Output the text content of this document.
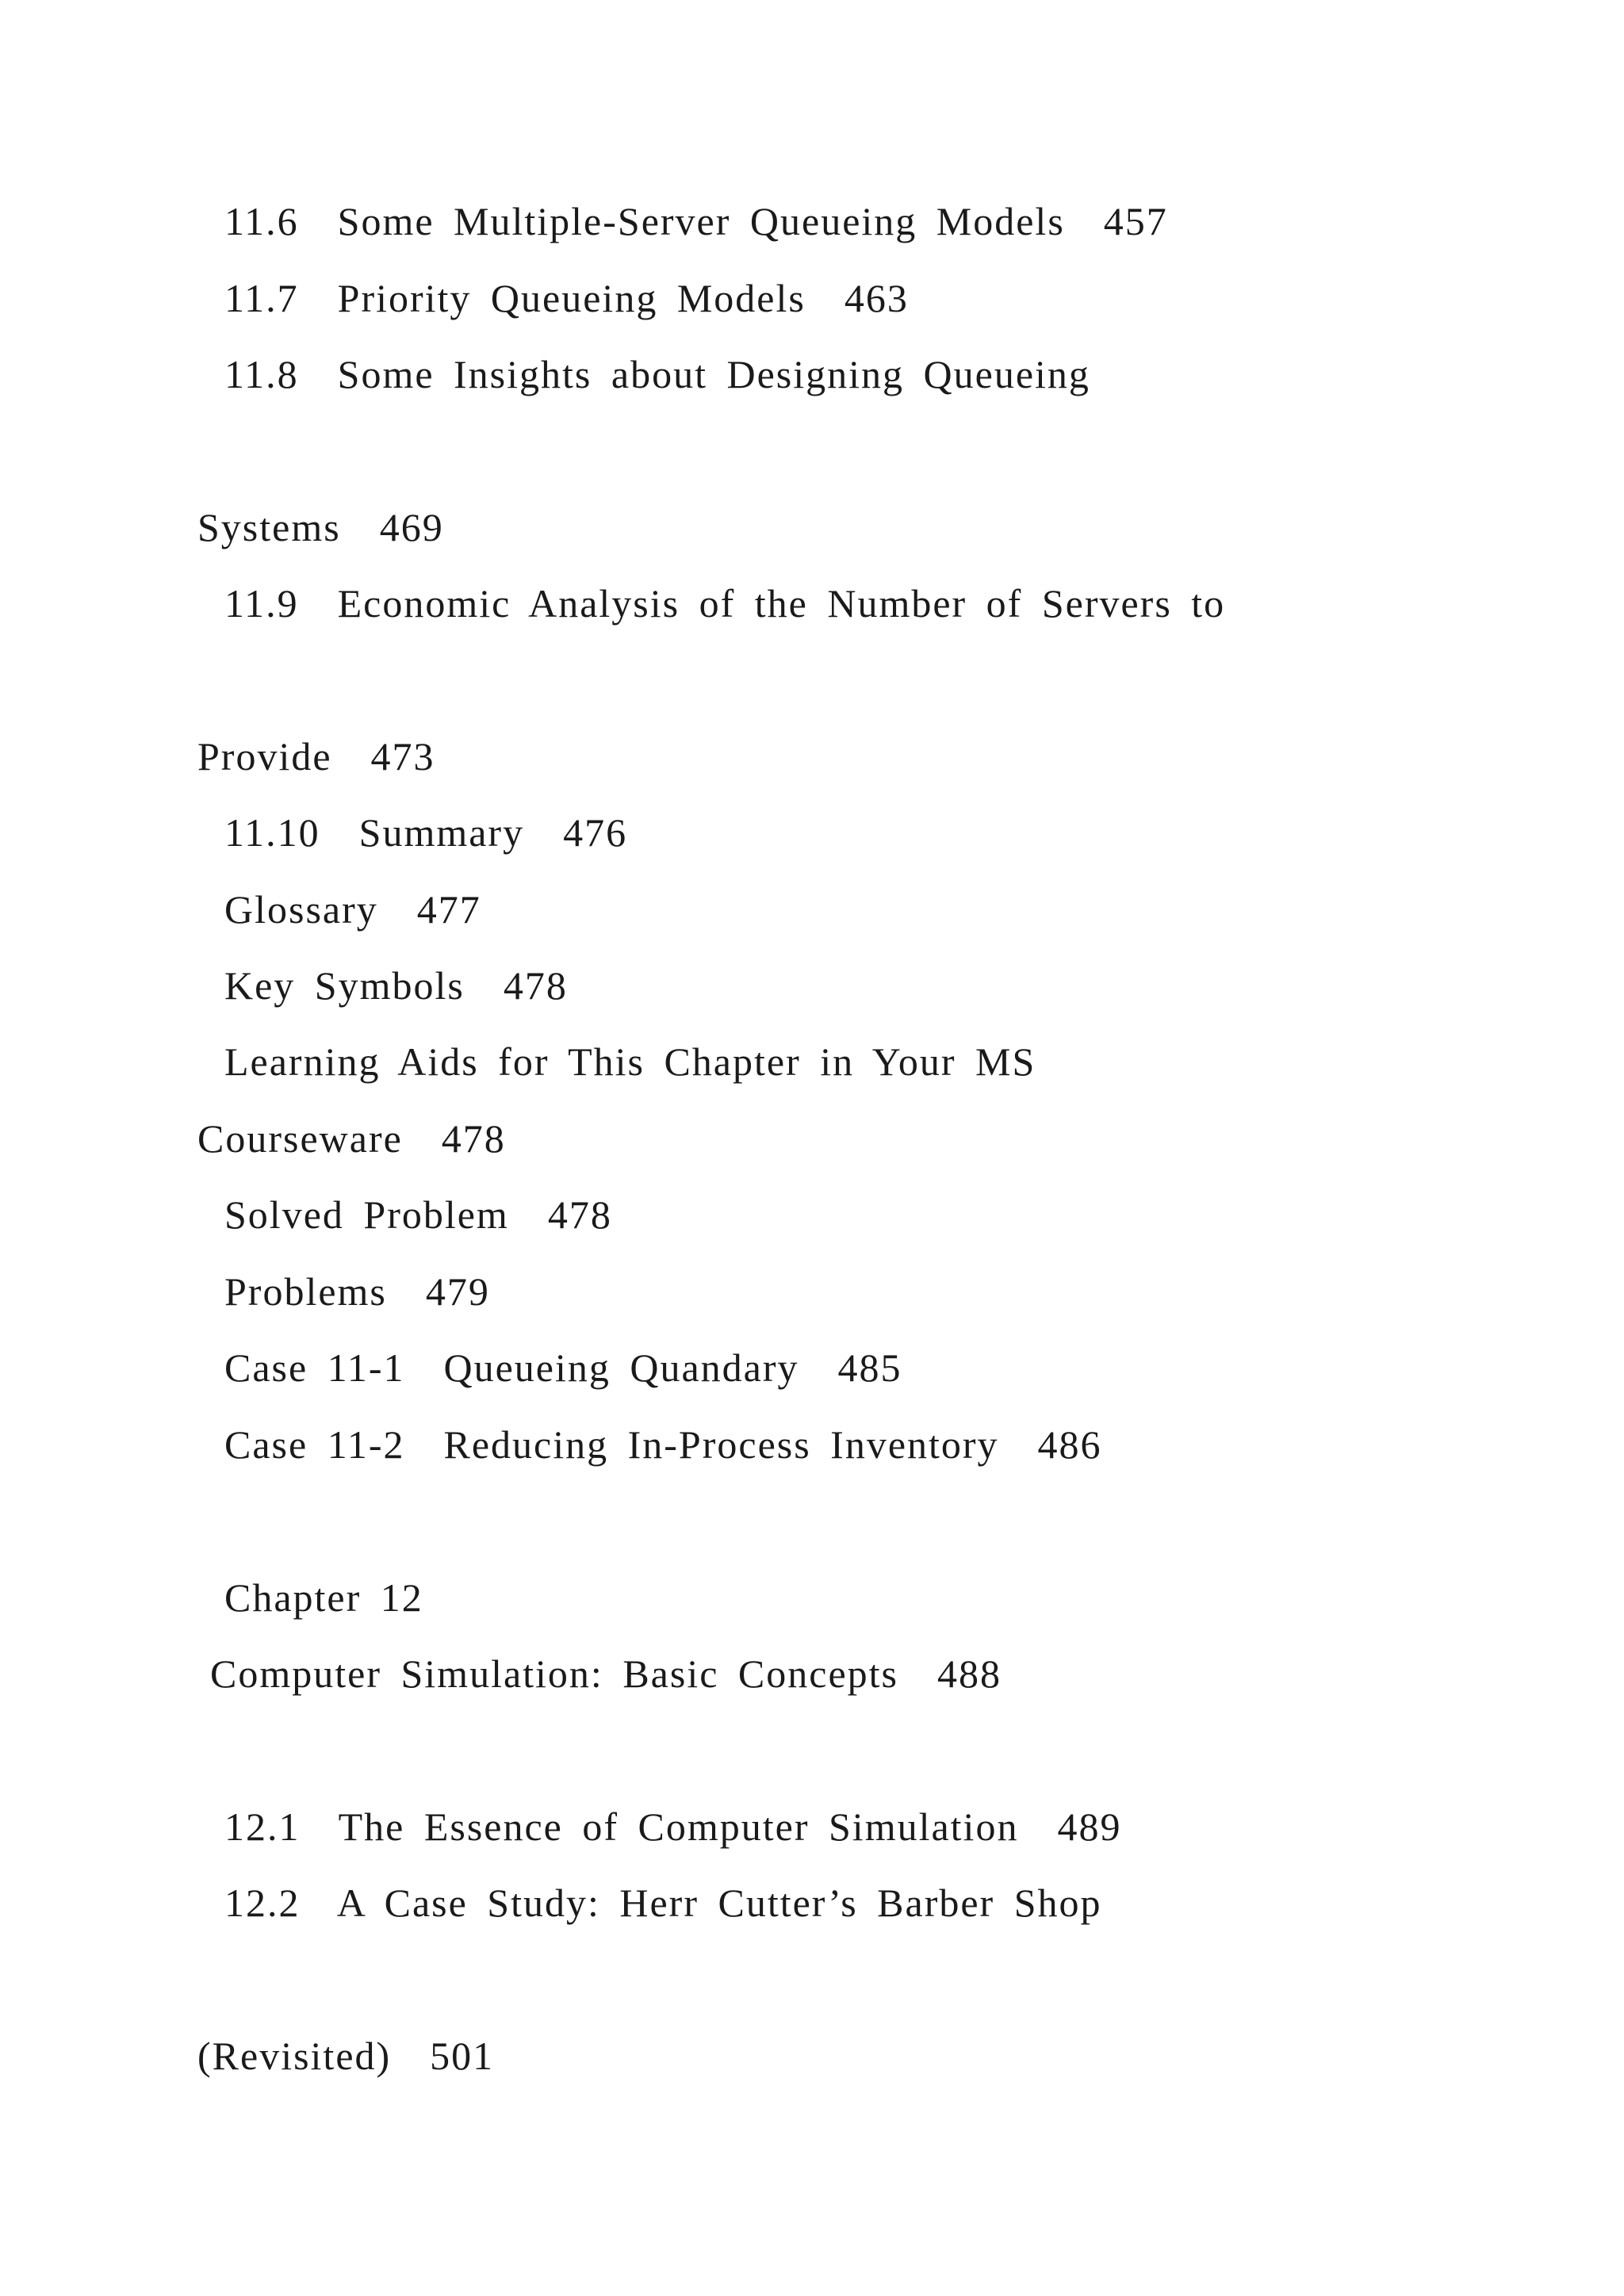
11.6  Some Multiple-Server Queueing Models  457
11.7  Priority Queueing Models  463
11.8  Some Insights about Designing Queueing
Systems  469
11.9  Economic Analysis of the Number of Servers to
Provide  473
11.10  Summary  476
Glossary  477
Key Symbols  478
Learning Aids for This Chapter in Your MS
Courseware  478
Solved Problem  478
Problems  479
Case 11-1  Queueing Quandary  485
Case 11-2  Reducing In-Process Inventory  486
Chapter 12
Computer Simulation: Basic Concepts  488
12.1  The Essence of Computer Simulation  489
12.2  A Case Study: Herr Cutter’s Barber Shop
(Revisited)  501
